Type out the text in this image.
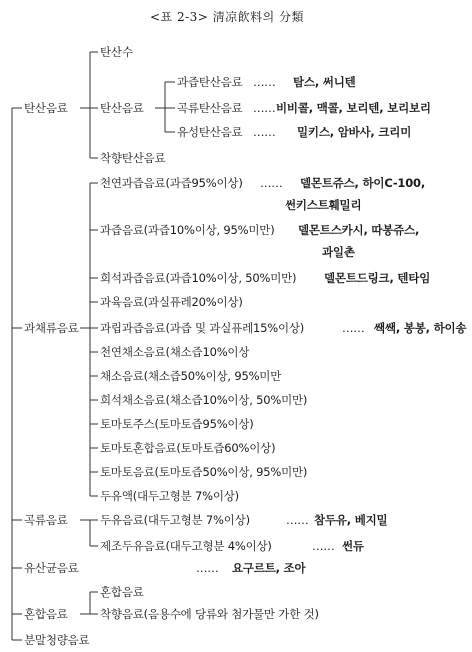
<표 2-3> 淸凉飮料의 分類
탄산음료
탄산수
탄산음료
과즙탄산음료 …… 탐스, 써니텐
곡류탄산음료 …… 비비콜, 맥콜, 보리텐, 보리보리
유성탄산음료 …… 밀키스, 암바사, 크리미
착향탄산음료
과채류음료
천연과즙음료(과즙95%이상) …… 델몬트쥬스, 하이C-100,
썬키스트훼밀리
과즙음료(과즙10%이상, 95%미만) 델몬트스카시, 따봉쥬스,
과일촌
희석과즙음료(과즙10%이상, 50%미만) 델몬트드링크, 텐타임
과육음료(과실퓨레20%이상)
과립과즙음료(과즙 및 과실퓨레15%이상)	…… 쌕쌕, 봉봉, 하이송
천연채소음료(채소즙10%이상
채소음료(채소즙50%이상, 95%미만
희석채소음료(채소즙10%이상, 50%미만)
토마토주스(토마토즙95%이상)
토마토혼합음료(토마토즙60%이상)
토마토음료(토마토즙50%이상, 95%미만)
두유액(대두고형분 7%이상)
곡류음료	두유음료(대두고형분 7%이상)	…… 참두유, 베지밀
제조두유음료(대두고형분 4%이상)	…… 썬듀
유산균음료	…… 요구르트, 조아
혼합음료
혼합음료
착향음료(음용수에 당류와 첨가물만 가한 것)
분말청량음료
